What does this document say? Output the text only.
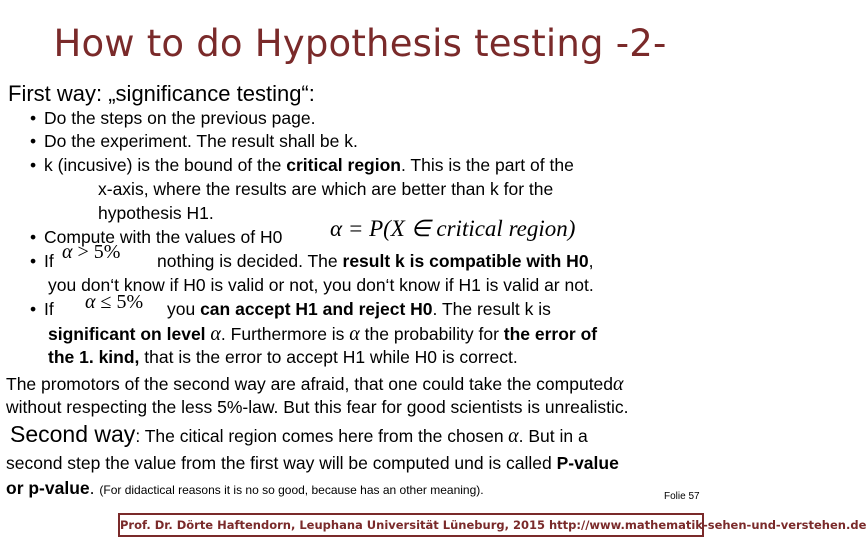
How to do Hypothesis testing -2-
First way: „significance testing“:
• Do the steps on the previous page.
• Do the experiment. The result shall be k.
• k (incusive) is the bound of the critical region. This is the part of the
x-axis, where the results are which are better than k for the
hypothesis H1.
• Compute with the values of H0 α = P(X ∈ critical region)
• If α > 5% nothing is decided. The result k is compatible with H0,
you don‘t know if H0 is valid or not, you don‘t know if H1 is valid ar not.
• If α ≤ 5% you can accept H1 and reject H0. The result k is
significant on level α. Furthermore is α the probability for the error of
the 1. kind, that is the error to accept H1 while H0 is correct.
The promotors of the second way are afraid, that one could take the computedα
without respecting the less 5%-law. But this fear for good scientists is unrealistic.
Second way: The citical region comes here from the chosen α. But in a
second step the value from the first way will be computed und is called P-value
or p-value. (For didactical reasons it is no so good, because has an other meaning).	Folie 57
Prof. Dr. Dörte Haftendorn, Leuphana Universität Lüneburg, 2015 http://www.mathematik-sehen-und-verstehen.de
